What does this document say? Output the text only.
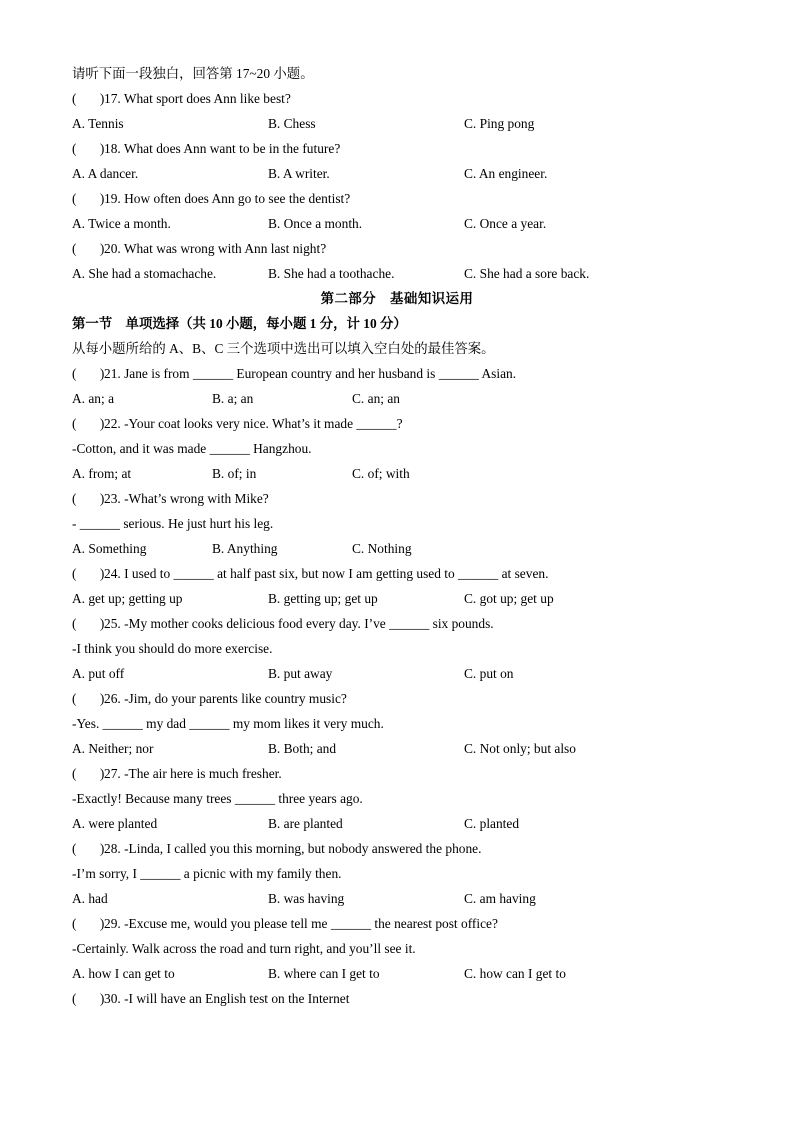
请听下面一段独白，回答第 17~20 小题。
(       )17. What sport does Ann like best?
A. Tennis	B. Chess	C. Ping pong
(       )18. What does Ann want to be in the future?
A. A dancer.	B. A writer.	C. An engineer.
(       )19. How often does Ann go to see the dentist?
A. Twice a month.	B. Once a month.	C. Once a year.
(       )20. What was wrong with Ann last night?
A. She had a stomachache.	B. She had a toothache.	C. She had a sore back.
第二部分　基础知识运用
第一节　单项选择（共 10 小题，每小题 1 分，计 10 分）
从每小题所给的 A、B、C 三个选项中选出可以填入空白处的最佳答案。
(       )21. Jane is from ______ European country and her husband is ______ Asian.
A. an; a	B. a; an	C. an; an
(       )22. -Your coat looks very nice. What’s it made ______?
-Cotton, and it was made ______ Hangzhou.
A. from; at	B. of; in	C. of; with
(       )23. -What’s wrong with Mike?
- ______ serious. He just hurt his leg.
A. Something	B. Anything	C. Nothing
(       )24. I used to ______ at half past six, but now I am getting used to ______ at seven.
A. get up; getting up	B. getting up; get up	C. got up; get up
(       )25. -My mother cooks delicious food every day. I’ve ______ six pounds.
-I think you should do more exercise.
A. put off	B. put away	C. put on
(       )26. -Jim, do your parents like country music?
-Yes. ______ my dad ______ my mom likes it very much.
A. Neither; nor	B. Both; and	C. Not only; but also
(       )27. -The air here is much fresher.
-Exactly! Because many trees ______ three years ago.
A. were planted	B. are planted	C. planted
(       )28. -Linda, I called you this morning, but nobody answered the phone.
-I’m sorry, I ______ a picnic with my family then.
A. had	B. was having	C. am having
(       )29. -Excuse me, would you please tell me ______ the nearest post office?
-Certainly. Walk across the road and turn right, and you’ll see it.
A. how I can get to	B. where can I get to	C. how can I get to
(       )30. -I will have an English test on the Internet
